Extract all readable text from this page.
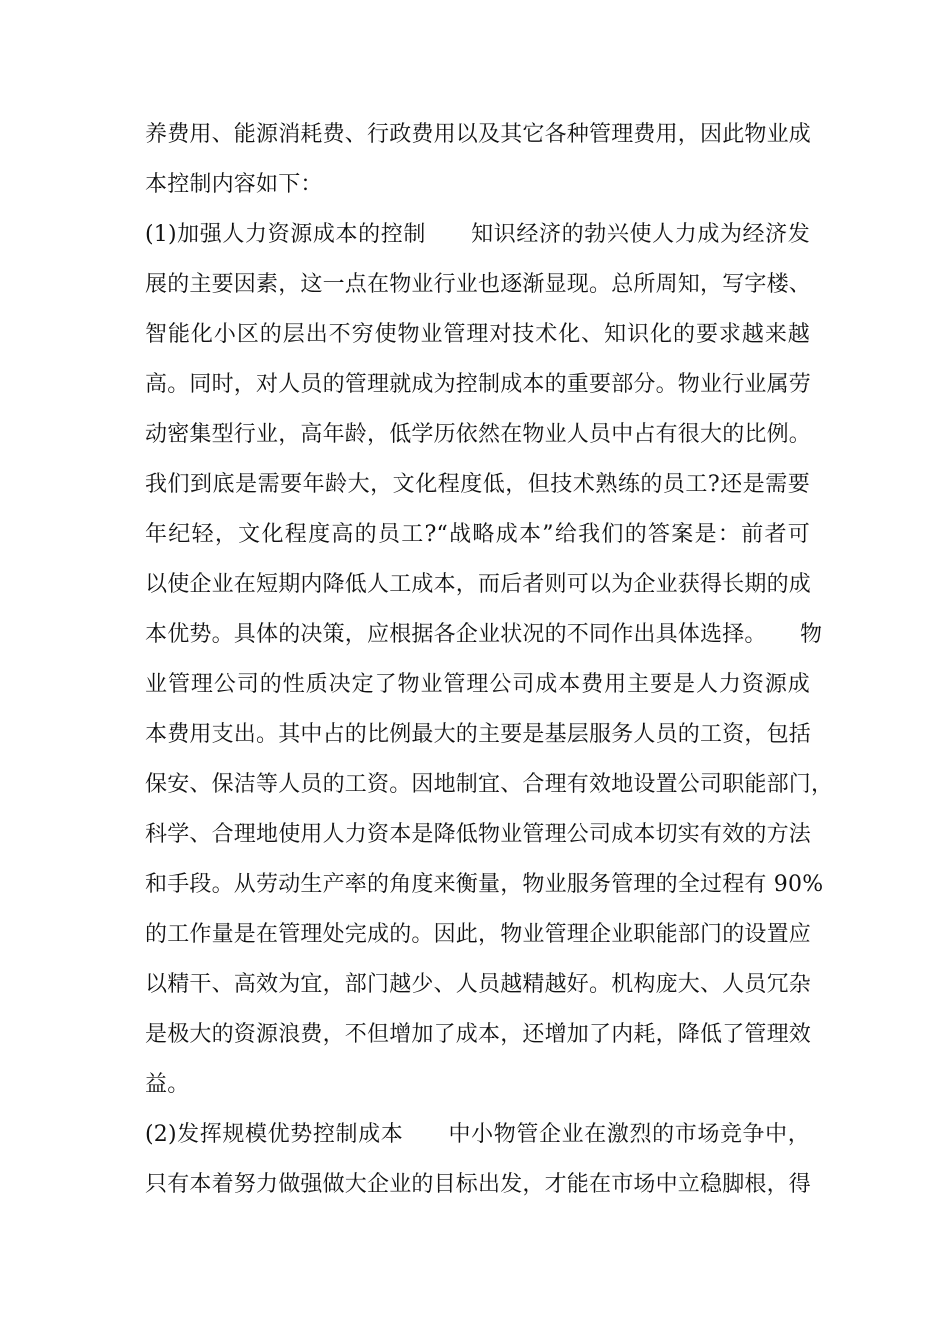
养费用、能源消耗费、行政费用以及其它各种管理费用，因此物业成
本控制内容如下：
(1)加强人力资源成本的控制　　知识经济的勃兴使人力成为经济发
展的主要因素，这一点在物业行业也逐渐显现。总所周知，写字楼、
智能化小区的层出不穷使物业管理对技术化、知识化的要求越来越
高。同时，对人员的管理就成为控制成本的重要部分。物业行业属劳
动密集型行业，高年龄，低学历依然在物业人员中占有很大的比例。
我们到底是需要年龄大，文化程度低，但技术熟练的员工?还是需要
年纪轻，文化程度高的员工?“战略成本”给我们的答案是：前者可
以使企业在短期内降低人工成本，而后者则可以为企业获得长期的成
本优势。具体的决策，应根据各企业状况的不同作出具体选择。　　物
业管理公司的性质决定了物业管理公司成本费用主要是人力资源成
本费用支出。其中占的比例最大的主要是基层服务人员的工资，包括
保安、保洁等人员的工资。因地制宜、合理有效地设置公司职能部门，
科学、合理地使用人力资本是降低物业管理公司成本切实有效的方法
和手段。从劳动生产率的角度来衡量，物业服务管理的全过程有 90%
的工作量是在管理处完成的。因此，物业管理企业职能部门的设置应
以精干、高效为宜，部门越少、人员越精越好。机构庞大、人员冗杂
是极大的资源浪费，不但增加了成本，还增加了内耗，降低了管理效
益。
(2)发挥规模优势控制成本　　中小物管企业在激烈的市场竞争中，
只有本着努力做强做大企业的目标出发，才能在市场中立稳脚根，得
